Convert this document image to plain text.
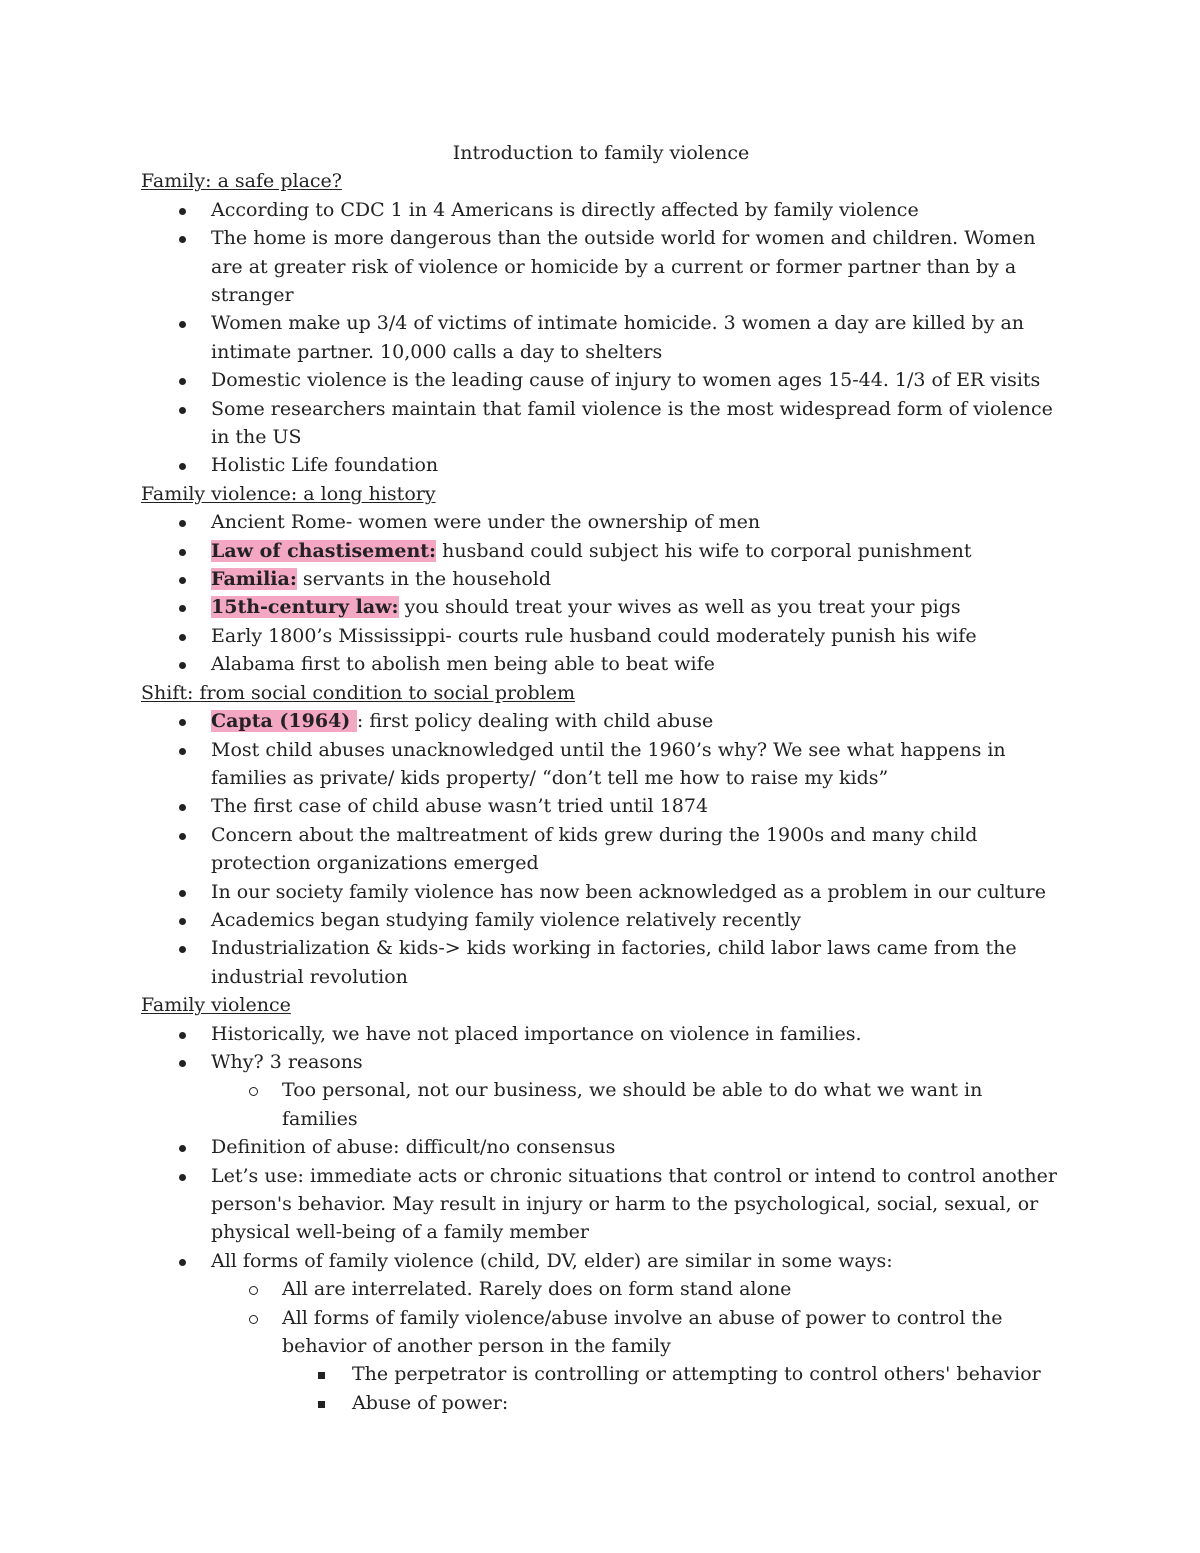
Introduction to family violence

Family: a safe place?

According to CDC 1 in 4 Americans is directly affected by family violence
The home is more dangerous than the outside world for women and children. Women are at greater risk of violence or homicide by a current or former partner than by a stranger
Women make up 3/4 of victims of intimate homicide. 3 women a day are killed by an intimate partner. 10,000 calls a day to shelters
Domestic violence is the leading cause of injury to women ages 15-44. 1/3 of ER visits
Some researchers maintain that famil violence is the most widespread form of violence in the US
Holistic Life foundation

Family violence: a long history

Ancient Rome- women were under the ownership of men
Law of chastisement: husband could subject his wife to corporal punishment
Familia: servants in the household
15th-century law: you should treat your wives as well as you treat your pigs
Early 1800’s Mississippi- courts rule husband could moderately punish his wife
Alabama first to abolish men being able to beat wife

Shift: from social condition to social problem

Capta (1964) : first policy dealing with child abuse
Most child abuses unacknowledged until the 1960’s why? We see what happens in families as private/ kids property/ “don’t tell me how to raise my kids”
The first case of child abuse wasn’t tried until 1874
Concern about the maltreatment of kids grew during the 1900s and many child protection organizations emerged
In our society family violence has now been acknowledged as a problem in our culture
Academics began studying family violence relatively recently
Industrialization & kids-> kids working in factories, child labor laws came from the industrial revolution

Family violence

Historically, we have not placed importance on violence in families.
Why? 3 reasons
Too personal, not our business, we should be able to do what we want in families
Definition of abuse: difficult/no consensus
Let’s use: immediate acts or chronic situations that control or intend to control another person's behavior. May result in injury or harm to the psychological, social, sexual, or physical well-being of a family member
All forms of family violence (child, DV, elder) are similar in some ways:
All are interrelated. Rarely does on form stand alone
All forms of family violence/abuse involve an abuse of power to control the behavior of another person in the family
The perpetrator is controlling or attempting to control others' behavior
Abuse of power:
